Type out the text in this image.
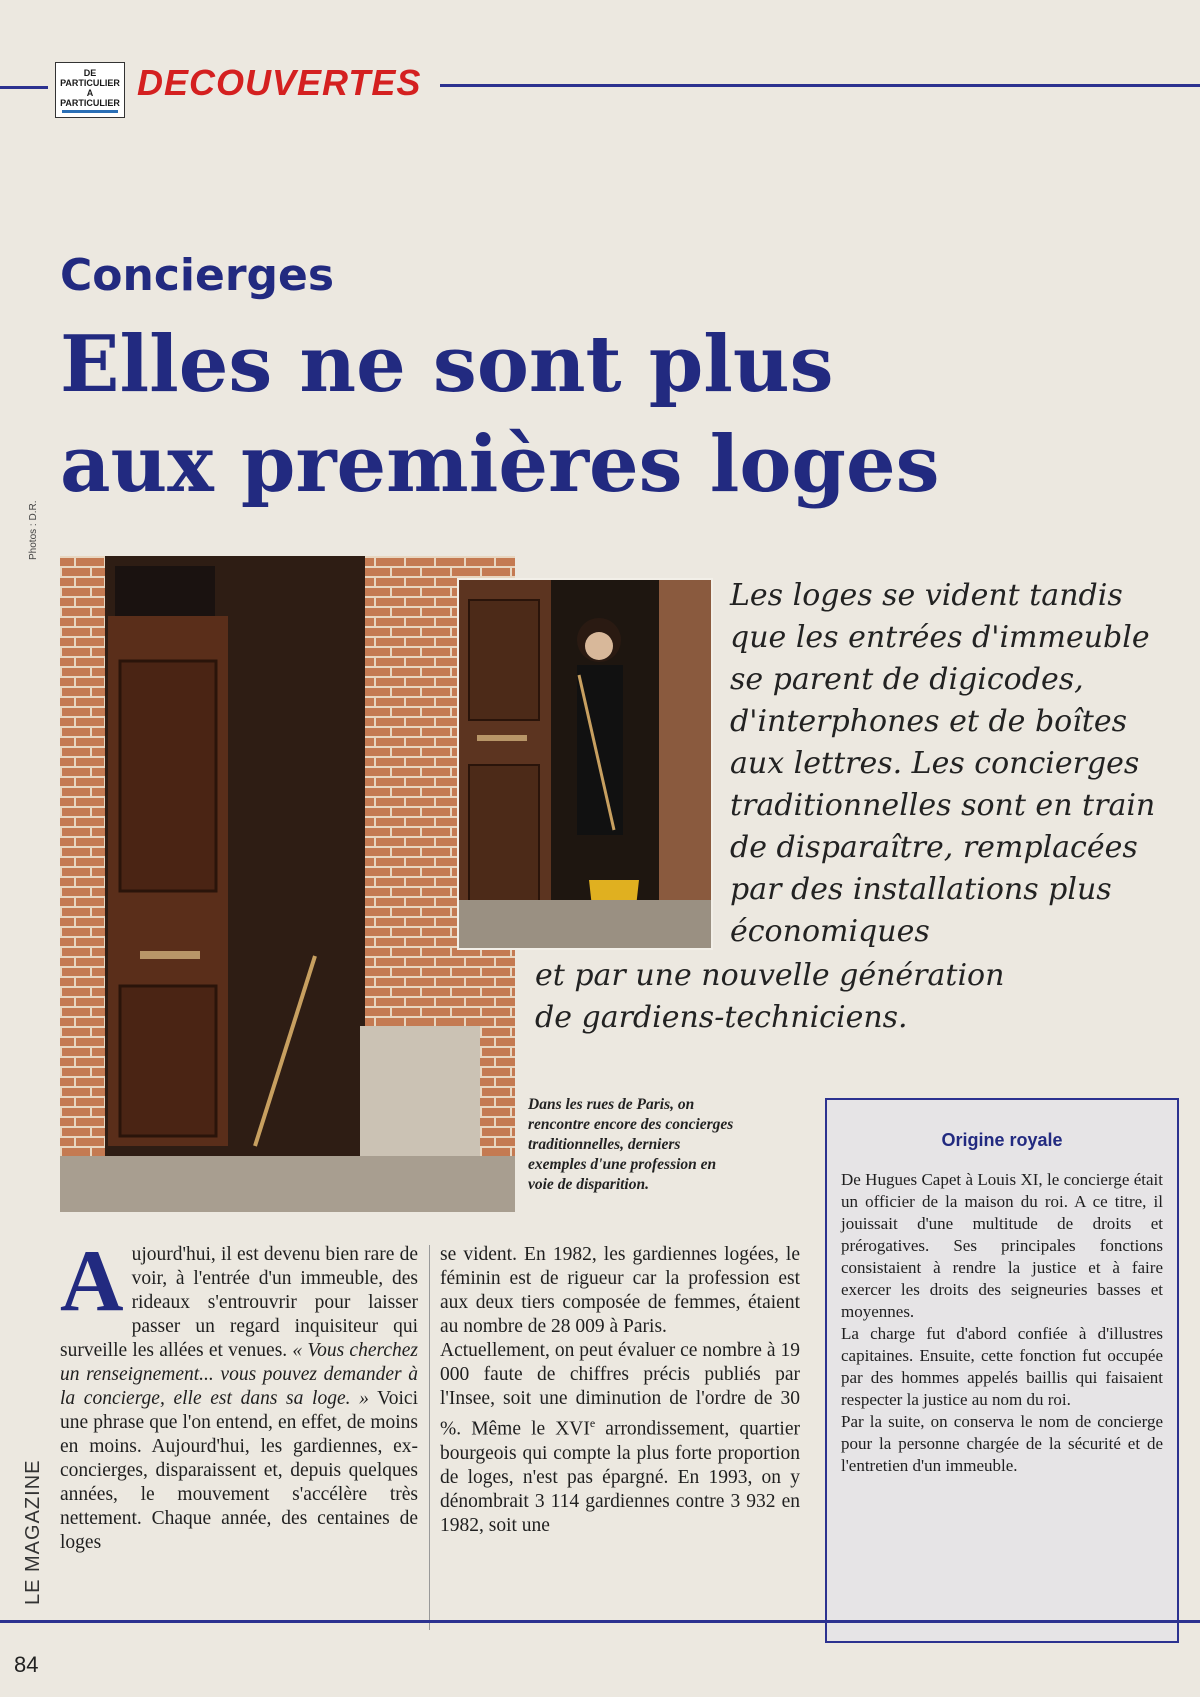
DE
PARTICULIER
A
PARTICULIER DECOUVERTES
Concierges
Elles ne sont plus
aux premières loges
Photos : D.R.

Les loges se vident tandis que les entrées d'immeuble se parent de digicodes, d'interphones et de boîtes aux lettres. Les concierges traditionnelles sont en train de disparaître, remplacées par des installations plus économiques

et par une nouvelle génération de gardiens-techniciens.

Dans les rues de Paris, on rencontre encore des concierges traditionnelles, derniers exemples d'une profession en voie de disparition.

A ujourd'hui, il est devenu bien rare de voir, à l'entrée d'un immeuble, des rideaux s'entrouvrir pour laisser passer un regard inquisiteur qui surveille les allées et venues. « Vous cherchez un renseignement... vous pouvez demander à la concierge, elle est dans sa loge. » Voici une phrase que l'on entend, en effet, de moins en moins. Aujourd'hui, les gardiennes, ex-concierges, disparaissent et, depuis quelques années, le mouvement s'accélère très nettement. Chaque année, des centaines de loges

se vident. En 1982, les gardiennes logées, le féminin est de rigueur car la profession est aux deux tiers composée de femmes, étaient au nombre de 28 009 à Paris.

Actuellement, on peut évaluer ce nombre à 19 000 faute de chiffres précis publiés par l'Insee, soit une diminution de l'ordre de 30 %. Même le XVIe arrondissement, quartier bourgeois qui compte la plus forte proportion de loges, n'est pas épargné. En 1993, on y dénombrait 3 114 gardiennes contre 3 932 en 1982, soit une

Origine royale

De Hugues Capet à Louis XI, le concierge était un officier de la maison du roi. A ce titre, il jouissait d'une multitude de droits et prérogatives. Ses principales fonctions consistaient à rendre la justice et à faire exercer les droits des seigneuries basses et moyennes.

La charge fut d'abord confiée à d'illustres capitaines. Ensuite, cette fonction fut occupée par des hommes appelés baillis qui faisaient respecter la justice au nom du roi.

Par la suite, on conserva le nom de concierge pour la personne chargée de la sécurité et de l'entretien d'un immeuble.

LE MAGAZINE
84
